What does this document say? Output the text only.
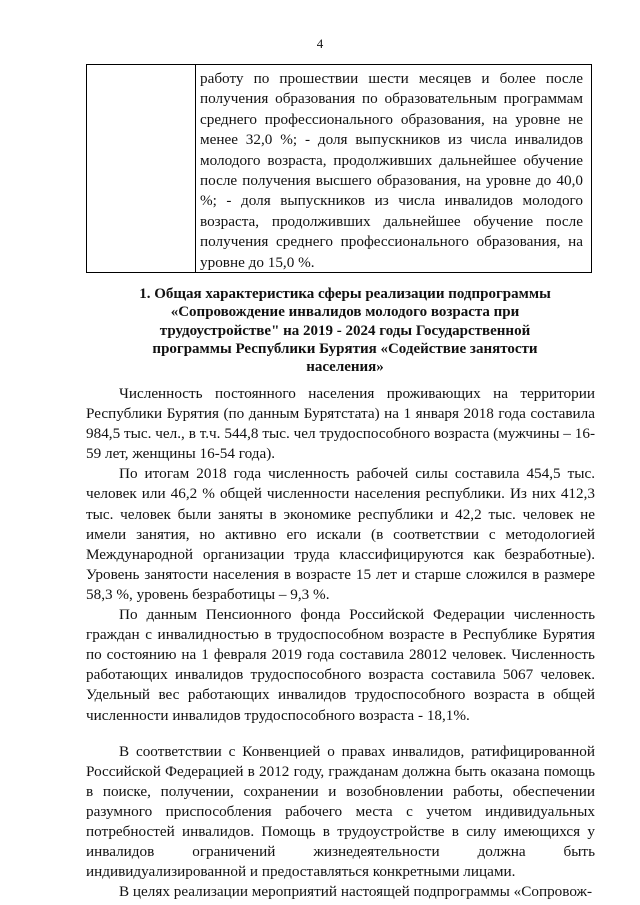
4
работу по прошествии шести месяцев и более после получения образования по образовательным программам среднего профессионального образования, на уровне не менее 32,0 %; - доля выпускников из числа инвалидов молодого возраста, продолживших дальнейшее обучение после получения высшего образования, на уровне до 40,0 %; - доля выпускников из числа инвалидов молодого возраста, продолживших дальнейшее обучение после получения среднего профессионального образования, на уровне до 15,0 %.
1. Общая характеристика сферы реализации подпрограммы «Сопровождение инвалидов молодого возраста при трудоустройстве" на 2019 - 2024 годы Государственной программы Республики Бурятия «Содействие занятости населения»

Численность постоянного населения проживающих на территории Республики Бурятия (по данным Бурятстата) на 1 января 2018 года составила 984,5 тыс. чел., в т.ч. 544,8 тыс. чел трудоспособного возраста (мужчины – 16-59 лет, женщины 16-54 года).

По итогам 2018 года численность рабочей силы составила 454,5 тыс. человек или 46,2 % общей численности населения республики. Из них 412,3 тыс. человек были заняты в экономике республики и 42,2 тыс. человек не имели занятия, но активно его искали (в соответствии с методологией Международной организации труда классифицируются как безработные). Уровень занятости населения в возрасте 15 лет и старше сложился в размере 58,3 %, уровень безработицы – 9,3 %.

По данным Пенсионного фонда Российской Федерации численность граждан с инвалидностью в трудоспособном возрасте в Республике Бурятия по состоянию на 1 февраля 2019 года составила 28012 человек. Численность работающих инвалидов трудоспособного возраста составила 5067 человек. Удельный вес работающих инвалидов трудоспособного возраста в общей численности инвалидов трудоспособного возраста - 18,1%.

В соответствии с Конвенцией о правах инвалидов, ратифицированной Российской Федерацией в 2012 году, гражданам должна быть оказана помощь в поиске, получении, сохранении и возобновлении работы, обеспечении разумного приспособления рабочего места с учетом индивидуальных потребностей инвалидов. Помощь в трудоустройстве в силу имеющихся у инвалидов ограничений жизнедеятельности должна быть индивидуализированной и предоставляться конкретными лицами.

В целях реализации мероприятий настоящей подпрограммы «Сопровож-
